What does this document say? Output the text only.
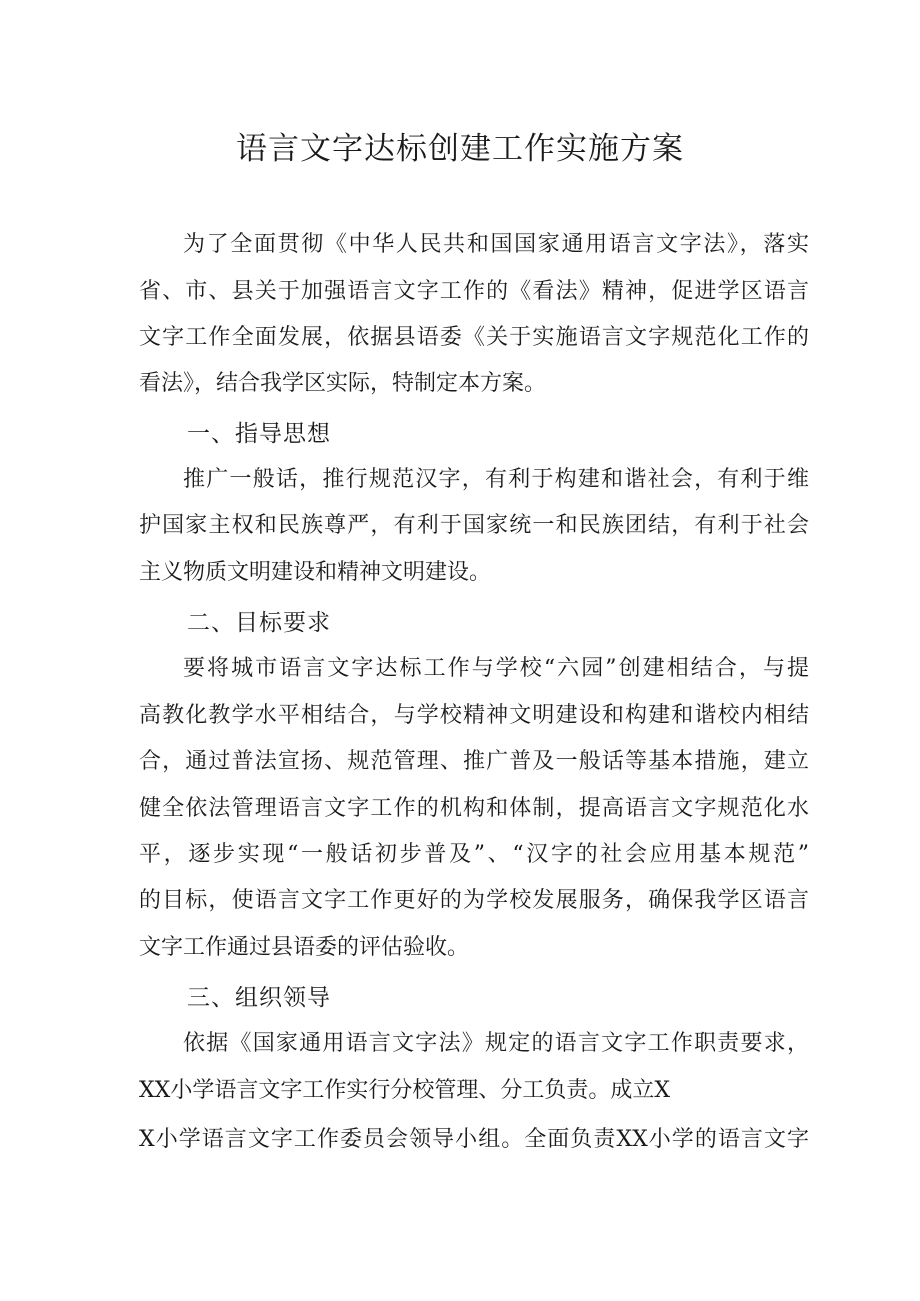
语言文字达标创建工作实施方案
为了全面贯彻《中华人民共和国国家通用语言文字法》，落实
省、市、县关于加强语言文字工作的《看法》精神，促进学区语言
文字工作全面发展，依据县语委《关于实施语言文字规范化工作的
看法》，结合我学区实际，特制定本方案。
一、指导思想
推广一般话，推行规范汉字，有利于构建和谐社会，有利于维
护国家主权和民族尊严，有利于国家统一和民族团结，有利于社会
主义物质文明建设和精神文明建设。
二、目标要求
要将城市语言文字达标工作与学校“六园”创建相结合，与提
高教化教学水平相结合，与学校精神文明建设和构建和谐校内相结
合，通过普法宣扬、规范管理、推广普及一般话等基本措施，建立
健全依法管理语言文字工作的机构和体制，提高语言文字规范化水
平，逐步实现“一般话初步普及”、“汉字的社会应用基本规范”
的目标，使语言文字工作更好的为学校发展服务，确保我学区语言
文字工作通过县语委的评估验收。
三、组织领导
依据《国家通用语言文字法》规定的语言文字工作职责要求，
XX小学语言文字工作实行分校管理、分工负责。成立X
X小学语言文字工作委员会领导小组。全面负责XX小学的语言文字
